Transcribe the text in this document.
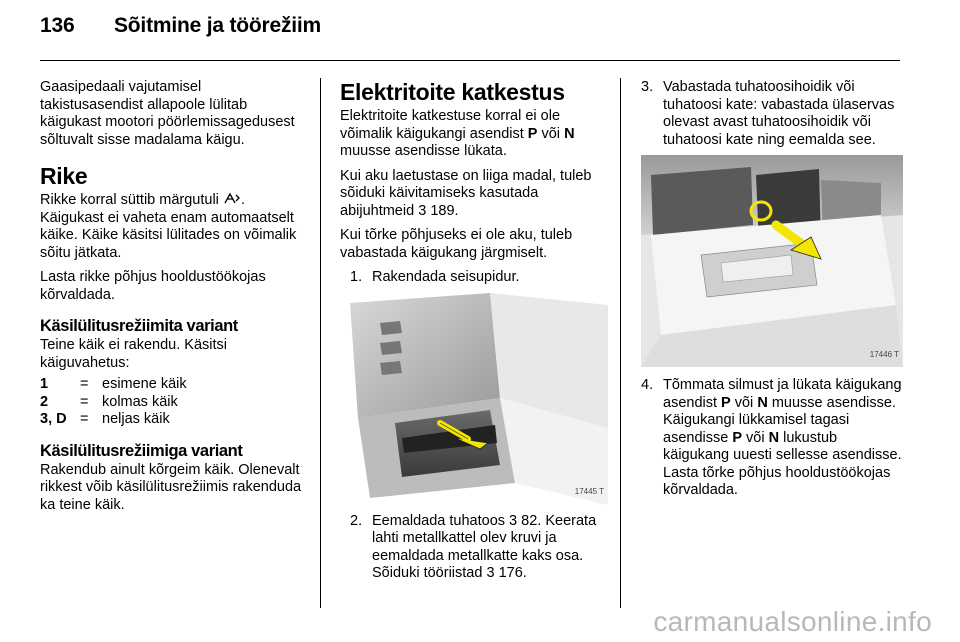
136 Sõitmine ja töörežiim

Gaasipedaali vajutamisel takistusasendist allapoole lülitab käigukast mootori pöörlemissagedusest sõltuvalt sisse madalama käigu.

Rike

Rikke korral süttib märgutuli . Käigukast ei vaheta enam automaatselt käike. Käike käsitsi lülitades on võimalik sõitu jätkata.

Lasta rikke põhjus hooldustöökojas kõrvaldada.

Käsilülitusrežiimita variant

Teine käik ei rakendu. Käsitsi käiguvahetus:

1	= esimene käik
2	= kolmas käik
3, D = neljas käik
Käsilülitusrežiimiga variant

Rakendub ainult kõrgeim käik. Olenevalt rikkest võib käsilülitusrežiimis rakenduda ka teine käik.

Elektritoite katkestus

Elektritoite katkestuse korral ei ole võimalik käigukangi asendist P või N muusse asendisse lükata.

Kui aku laetustase on liiga madal, tuleb sõiduki käivitamiseks kasutada abijuhtmeid 3 189.

Kui tõrke põhjuseks ei ole aku, tuleb vabastada käigukang järgmiselt.

1. Rakendada seisupidur.
17445 T
2. Eemaldada tuhatoos 3 82. Keerata lahti metallkattel olev kruvi ja eemaldada metallkatte kaks osa. Sõiduki tööriistad 3 176.
3. Vabastada tuhatoosihoidik või tuhatoosi kate: vabastada ülaservas olevast avast tuhatoosihoidik või tuhatoosi kate ning eemalda see.
17446 T
4. Tõmmata silmust ja lükata käigukang asendist P või N muusse asendisse. Käigukangi lükkamisel tagasi asendisse P või N lukustub käigukang uuesti sellesse asendisse. Lasta tõrke põhjus hooldustöökojas kõrvaldada.
carmanualsonline.info
